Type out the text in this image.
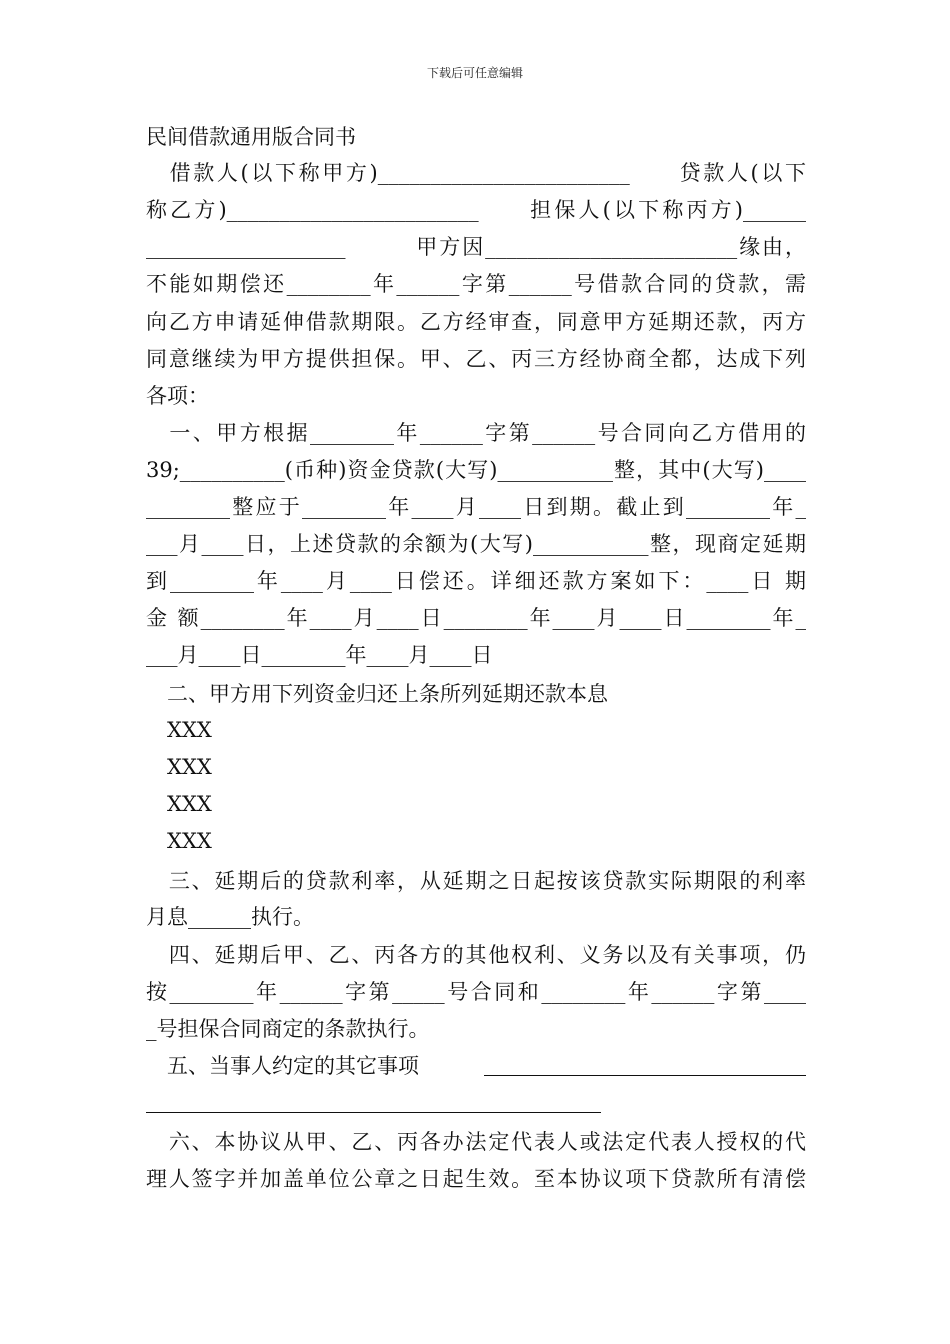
下载后可任意编辑
民间借款通用版合同书
　借款人(以下称甲方)________________________　　贷款人(以下
称乙方)________________________　　担保人(以下称丙方)______
___________________　　　甲方因________________________缘由，
不能如期偿还________年______字第______号借款合同的贷款，需
向乙方申请延伸借款期限。乙方经审查，同意甲方延期还款，丙方
同意继续为甲方提供担保。甲、乙、丙三方经协商全都，达成下列
各项：
　一、甲方根据________年______字第______号合同向乙方借用的
39;__________(币种)资金贷款(大写)___________整，其中(大写)____
________整应于________年____月____日到期。截止到________年_
___月____日，上述贷款的余额为(大写)___________整，现商定延期
到________年____月____日偿还。详细还款方案如下：____日 期
金 额________年____月____日________年____月____日________年_
___月____日________年____月____日
　二、甲方用下列资金归还上条所列延期还款本息
　XXX
　XXX
　XXX
　XXX
　三、延期后的贷款利率，从延期之日起按该贷款实际期限的利率
月息______执行。
　四、延期后甲、乙、丙各方的其他权利、义务以及有关事项，仍
按________年______字第_____号合同和________年______字第____
_号担保合同商定的条款执行。
　五、当事人约定的其它事项
　六、本协议从甲、乙、丙各办法定代表人或法定代表人授权的代
理人签字并加盖单位公章之日起生效。至本协议项下贷款所有清偿
